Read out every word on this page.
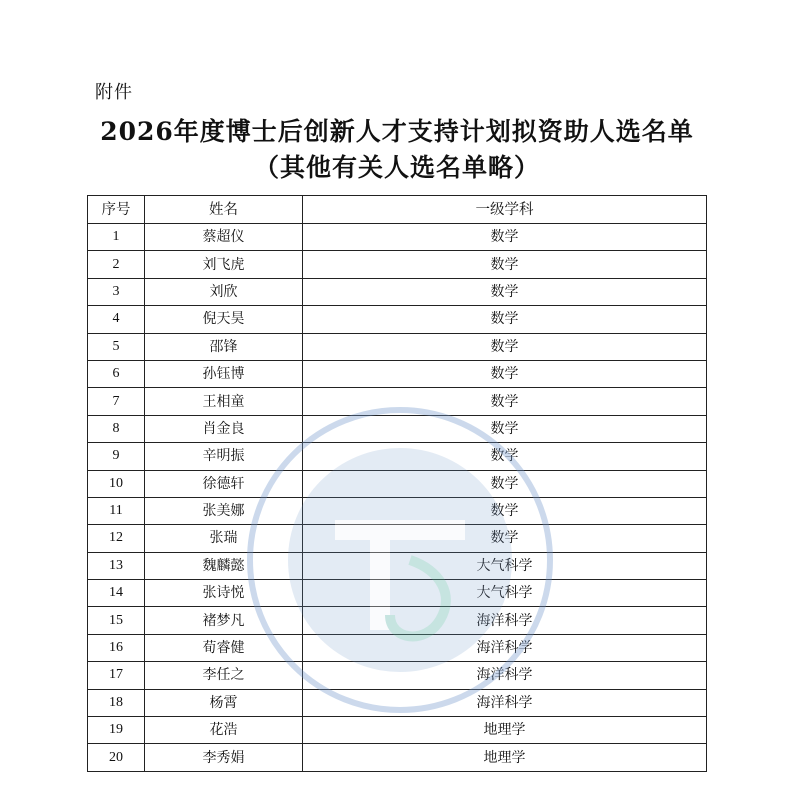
附件
2026年度博士后创新人才支持计划拟资助人选名单
（其他有关人选名单略）
序号	姓名	一级学科
1	蔡超仪	数学
2	刘飞虎	数学
3	刘欣	数学
4	倪天昊	数学
5	邵锋	数学
6	孙钰博	数学
7	王相童	数学
8	肖金良	数学
9	辛明振	数学
10	徐德轩	数学
11	张美娜	数学
12	张瑞	数学
13	魏麟懿	大气科学
14	张诗悦	大气科学
15	褚梦凡	海洋科学
16	荀睿健	海洋科学
17	李任之	海洋科学
18	杨霄	海洋科学
19	花浩	地理学
20	李秀娟	地理学
